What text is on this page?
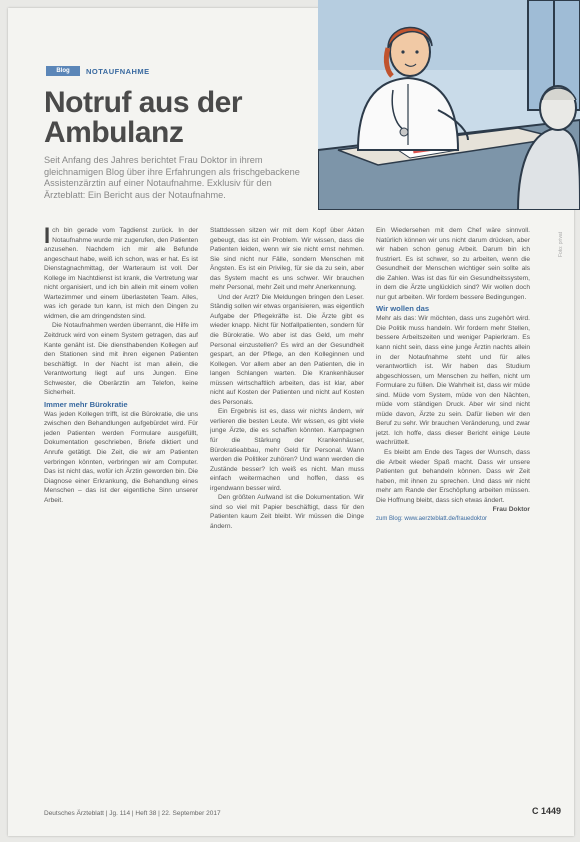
Blog	NOTAUFNAHME
Notruf aus der
Ambulanz

Seit Anfang des Jahres berichtet Frau Doktor in ihrem gleichnamigen Blog über ihre Erfahrungen als frischgebackene Assistenzärztin auf einer Notaufnahme. Exklusiv für den Ärzteblatt: Ein Bericht aus der Notaufnahme.

Foto: privat

Ich bin gerade vom Tagdienst zurück. In der Notaufnahme wurde mir zugerufen, den Patienten anzusehen. Nachdem ich mir alle Befunde angeschaut habe, weiß ich schon, was er hat. Es ist Dienstagnachmittag, der Warteraum ist voll. Der Kollege im Nachtdienst ist krank, die Vertretung war nicht organisiert, und ich bin allein mit einem vollen Wartezimmer und einem überlasteten Team. Alles, was ich gerade tun kann, ist mich den Dingen zu widmen, die am dringendsten sind.

Die Notaufnahmen werden überrannt, die Hilfe im Zeitdruck wird von einem System getragen, das auf Kante genäht ist. Die diensthabenden Kollegen auf den Stationen sind mit ihren eigenen Patienten beschäftigt. In der Nacht ist man allein, die Verantwortung liegt auf uns Jungen. Eine Schwester, die Oberärztin am Telefon, keine Sicherheit.

Immer mehr Bürokratie

Was jeden Kollegen trifft, ist die Bürokratie, die uns zwischen den Behandlungen aufgebürdet wird. Für jeden Patienten werden Formulare ausgefüllt, Dokumentation geschrieben, Briefe diktiert und Anrufe getätigt. Die Zeit, die wir am Patienten verbringen könnten, verbringen wir am Computer. Das ist nicht das, wofür ich Ärztin geworden bin. Die Diagnose einer Erkrankung, die Behandlung eines Menschen – das ist der eigentliche Sinn unserer Arbeit.

Stattdessen sitzen wir mit dem Kopf über Akten gebeugt, das ist ein Problem. Wir wissen, dass die Patienten leiden, wenn wir sie nicht ernst nehmen. Sie sind nicht nur Fälle, sondern Menschen mit Ängsten. Es ist ein Privileg, für sie da zu sein, aber das System macht es uns schwer. Wir brauchen mehr Personal, mehr Zeit und mehr Anerkennung.

Und der Arzt? Die Meldungen bringen den Leser. Ständig sollen wir etwas organisieren, was eigentlich Aufgabe der Pflegekräfte ist. Die Ärzte gibt es wieder knapp. Nicht für Notfallpatienten, sondern für die Bürokratie. Wo aber ist das Geld, um mehr Personal einzustellen? Es wird an der Gesundheit gespart, an der Pflege, an den Kolleginnen und Kollegen. Vor allem aber an den Patienten, die in langen Schlangen warten. Die Krankenhäuser müssen wirtschaftlich arbeiten, das ist klar, aber nicht auf Kosten der Patienten und nicht auf Kosten des Personals.

Ein Ergebnis ist es, dass wir nichts ändern, wir verlieren die besten Leute. Wir wissen, es gibt viele junge Ärzte, die es schaffen könnten. Kampagnen für die Stärkung der Krankenhäuser, Bürokratieabbau, mehr Geld für Personal. Wann werden die Politiker zuhören? Und wann werden die Zustände besser? Ich weiß es nicht. Man muss einfach weitermachen und hoffen, dass es irgendwann besser wird.

Den größten Aufwand ist die Dokumentation. Wir sind so viel mit Papier beschäftigt, dass für den Patienten kaum Zeit bleibt. Wir müssen die Dinge ändern.

Ein Wiedersehen mit dem Chef wäre sinnvoll. Natürlich können wir uns nicht darum drücken, aber wir haben schon genug Arbeit. Darum bin ich frustriert. Es ist schwer, so zu arbeiten, wenn die Gesundheit der Menschen wichtiger sein sollte als die Zahlen. Was ist das für ein Gesundheitssystem, in dem die Ärzte unglücklich sind? Wir wollen doch nur gut arbeiten. Wir fordern bessere Bedingungen.

Wir wollen das

Mehr als das: Wir möchten, dass uns zugehört wird. Die Politik muss handeln. Wir fordern mehr Stellen, bessere Arbeitszeiten und weniger Papierkram. Es kann nicht sein, dass eine junge Ärztin nachts allein in der Notaufnahme steht und für alles verantwortlich ist. Wir haben das Studium abgeschlossen, um Menschen zu helfen, nicht um Formulare zu füllen. Die Wahrheit ist, dass wir müde sind. Müde vom System, müde von den Nächten, müde vom ständigen Druck. Aber wir sind nicht müde davon, Ärzte zu sein. Dafür lieben wir den Beruf zu sehr. Wir brauchen Veränderung, und zwar jetzt. Ich hoffe, dass dieser Bericht einige Leute wachrüttelt.

Es bleibt am Ende des Tages der Wunsch, dass die Arbeit wieder Spaß macht. Dass wir unsere Patienten gut behandeln können. Dass wir Zeit haben, mit ihnen zu sprechen. Und dass wir nicht mehr am Rande der Erschöpfung arbeiten müssen. Die Hoffnung bleibt, dass sich etwas ändert.

Frau Doktor

zum Blog: www.aerzteblatt.de/frauedoktor

Deutsches Ärzteblatt | Jg. 114 | Heft 38 | 22. September 2017	C 1449
